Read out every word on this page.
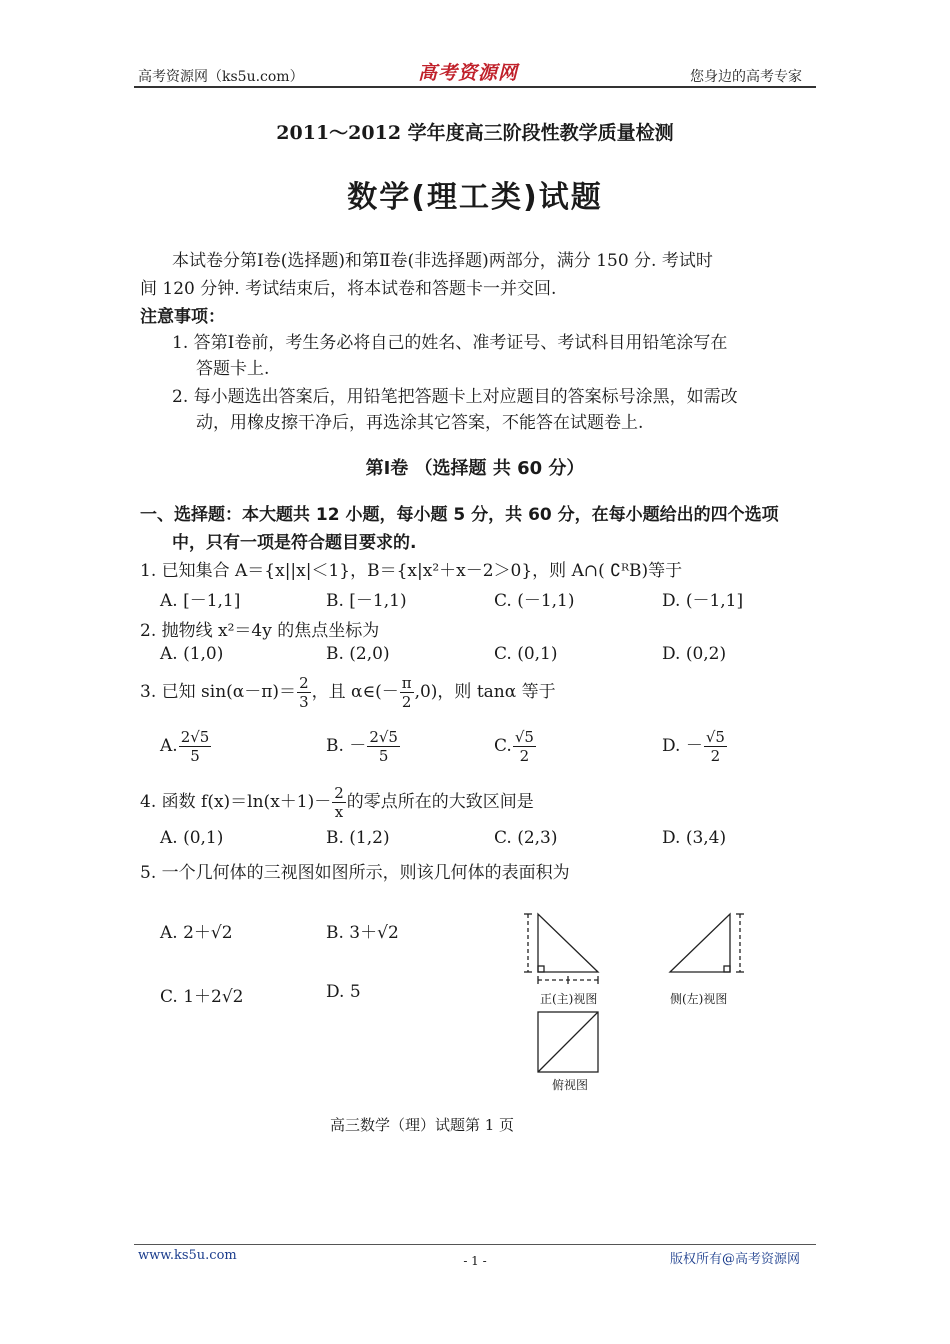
高考资源网（ks5u.com）	高考资源网	您身边的高考专家
2011～2012 学年度高三阶段性教学质量检测
数学(理工类)试题
本试卷分第Ⅰ卷(选择题)和第Ⅱ卷(非选择题)两部分，满分 150 分. 考试时
间 120 分钟. 考试结束后，将本试卷和答题卡一并交回.
注意事项：
1. 答第Ⅰ卷前，考生务必将自己的姓名、准考证号、考试科目用铅笔涂写在
答题卡上.
2. 每小题选出答案后，用铅笔把答题卡上对应题目的答案标号涂黑，如需改
动，用橡皮擦干净后，再选涂其它答案，不能答在试题卷上.
第Ⅰ卷 （选择题 共 60 分）
一、选择题：本大题共 12 小题，每小题 5 分，共 60 分，在每小题给出的四个选项
中，只有一项是符合题目要求的.
1. 已知集合 A＝{x||x|＜1}，B＝{x|x²＋x－2＞0}，则 A∩( ∁ᴿB)等于
A. [－1,1]	B. [－1,1)	C. (－1,1)	D. (－1,1]
2. 抛物线 x²＝4y 的焦点坐标为
A. (1,0)	B. (2,0)	C. (0,1)	D. (0,2)
3. 已知 $\sin(\alpha-\pi)= \frac{2}{3}$ ，且 α∈(－ $\frac{\pi}{2} ,0$)，则 tanα 等于
A. $\frac{2√5}{5}$	B. － $\frac{2√5}{5}$	C. $\frac{√5}{2}$	D. － $\frac{√5}{2}$
4. 函数 $f(x)=\ln(x+1)- \frac{2}{x}$ 的零点所在的大致区间是
A. (0,1)	B. (1,2)	C. (2,3)	D. (3,4)
5. 一个几何体的三视图如图所示，则该几何体的表面积为
A. 2＋√2	B. 3＋√2
C. 1＋2√2	D. 5	正(主)视图	侧(左)视图
俯视图
高三数学（理）试题第 1 页
www.ks5u.com	- 1 -	版权所有@高考资源网
